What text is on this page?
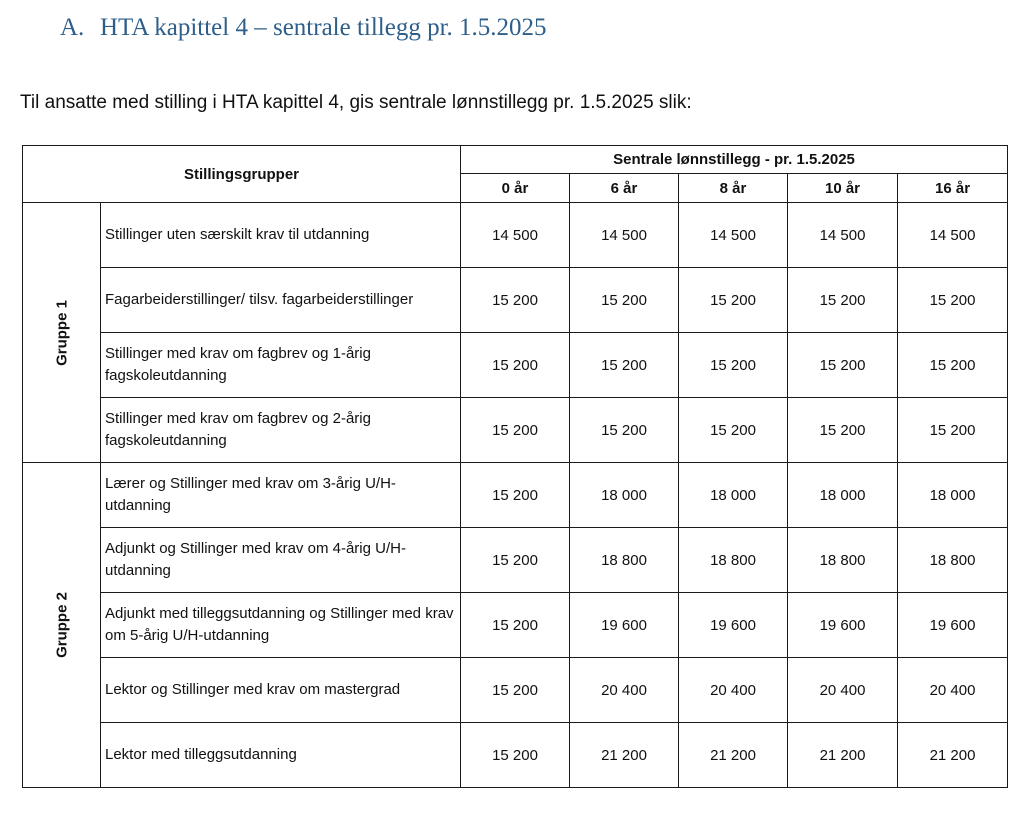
A. HTA kapittel 4 – sentrale tillegg pr. 1.5.2025
Til ansatte med stilling i HTA kapittel 4, gis sentrale lønnstillegg pr. 1.5.2025 slik:
Stillingsgrupper		Sentrale lønnstillegg - pr. 1.5.2025				
		0 år	6 år	8 år	10 år	16 år

Gruppe 1	Stillinger uten særskilt krav til utdanning	14 500	14 500	14 500	14 500	14 500
	Fagarbeiderstillinger/ tilsv. fagarbeiderstillinger	15 200	15 200	15 200	15 200	15 200
	Stillinger med krav om fagbrev og 1-årig fagskoleutdanning	15 200	15 200	15 200	15 200	15 200
	Stillinger med krav om fagbrev og 2-årig fagskoleutdanning	15 200	15 200	15 200	15 200	15 200

Gruppe 2	Lærer og Stillinger med krav om 3-årig U/H-utdanning	15 200	18 000	18 000	18 000	18 000
	Adjunkt og Stillinger med krav om 4-årig U/H-utdanning	15 200	18 800	18 800	18 800	18 800
	Adjunkt med tilleggsutdanning og Stillinger med krav om 5-årig U/H-utdanning	15 200	19 600	19 600	19 600	19 600
	Lektor og Stillinger med krav om mastergrad	15 200	20 400	20 400	20 400	20 400
	Lektor med tilleggsutdanning	15 200	21 200	21 200	21 200	21 200
